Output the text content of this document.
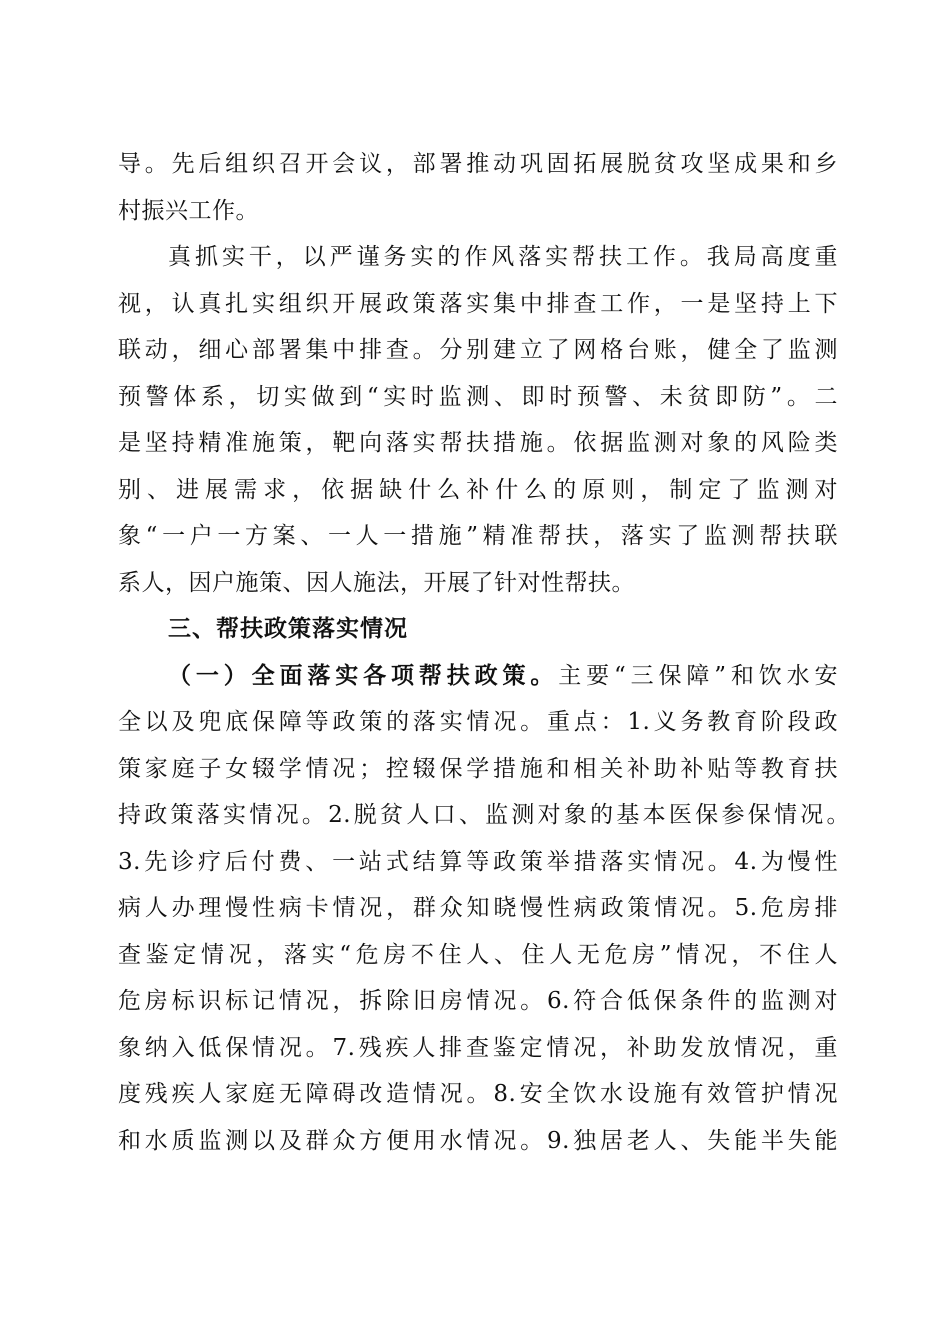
导。先后组织召开会议，部署推动巩固拓展脱贫攻坚成果和乡
村振兴工作。
真抓实干，以严谨务实的作风落实帮扶工作。我局高度重
视，认真扎实组织开展政策落实集中排查工作，一是坚持上下
联动，细心部署集中排查。分别建立了网格台账，健全了监测
预警体系，切实做到“实时监测、即时预警、未贫即防”。二
是坚持精准施策，靶向落实帮扶措施。依据监测对象的风险类
别、进展需求，依据缺什么补什么的原则，制定了监测对
象“一户一方案、一人一措施”精准帮扶，落实了监测帮扶联
系人，因户施策、因人施法，开展了针对性帮扶。
三、帮扶政策落实情况
（一）全面落实各项帮扶政策。主要“三保障”和饮水安
全以及兜底保障等政策的落实情况。重点：1.义务教育阶段政
策家庭子女辍学情况；控辍保学措施和相关补助补贴等教育扶
持政策落实情况。2.脱贫人口、监测对象的基本医保参保情况。
3.先诊疗后付费、一站式结算等政策举措落实情况。4.为慢性
病人办理慢性病卡情况，群众知晓慢性病政策情况。5.危房排
查鉴定情况，落实“危房不住人、住人无危房”情况，不住人
危房标识标记情况，拆除旧房情况。6.符合低保条件的监测对
象纳入低保情况。7.残疾人排查鉴定情况，补助发放情况，重
度残疾人家庭无障碍改造情况。8.安全饮水设施有效管护情况
和水质监测以及群众方便用水情况。9.独居老人、失能半失能
